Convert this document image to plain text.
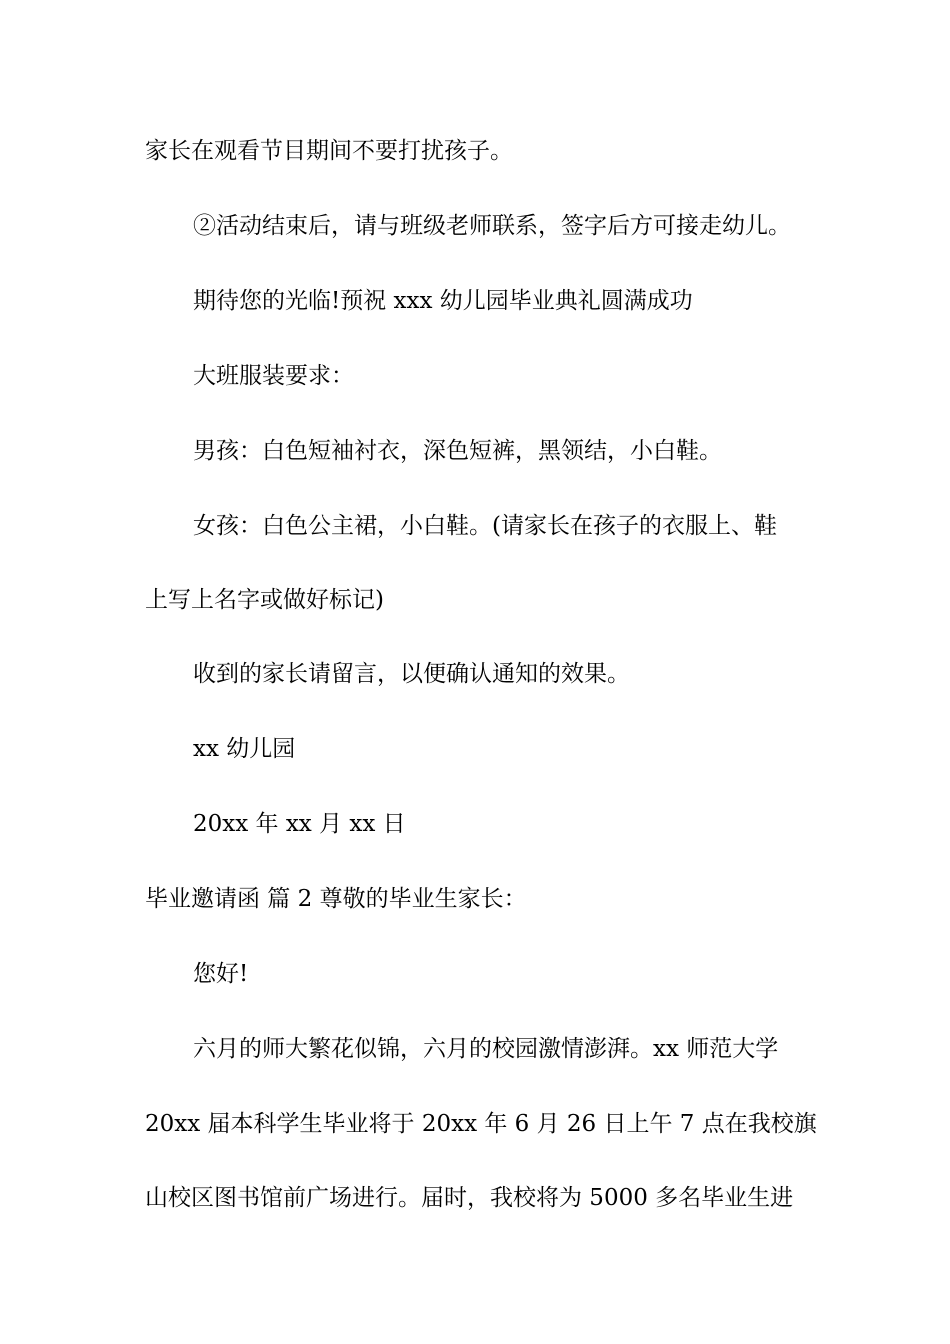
家长在观看节目期间不要打扰孩子。
②活动结束后，请与班级老师联系，签字后方可接走幼儿。
期待您的光临!预祝 xxx 幼儿园毕业典礼圆满成功
大班服装要求：
男孩：白色短袖衬衣，深色短裤，黑领结，小白鞋。
女孩：白色公主裙，小白鞋。(请家长在孩子的衣服上、鞋
上写上名字或做好标记)
收到的家长请留言，以便确认通知的效果。
xx 幼儿园
20xx 年 xx 月 xx 日
毕业邀请函 篇 2 尊敬的毕业生家长：
您好!
六月的师大繁花似锦，六月的校园激情澎湃。xx 师范大学
20xx 届本科学生毕业将于 20xx 年 6 月 26 日上午 7 点在我校旗
山校区图书馆前广场进行。届时，我校将为 5000 多名毕业生进
